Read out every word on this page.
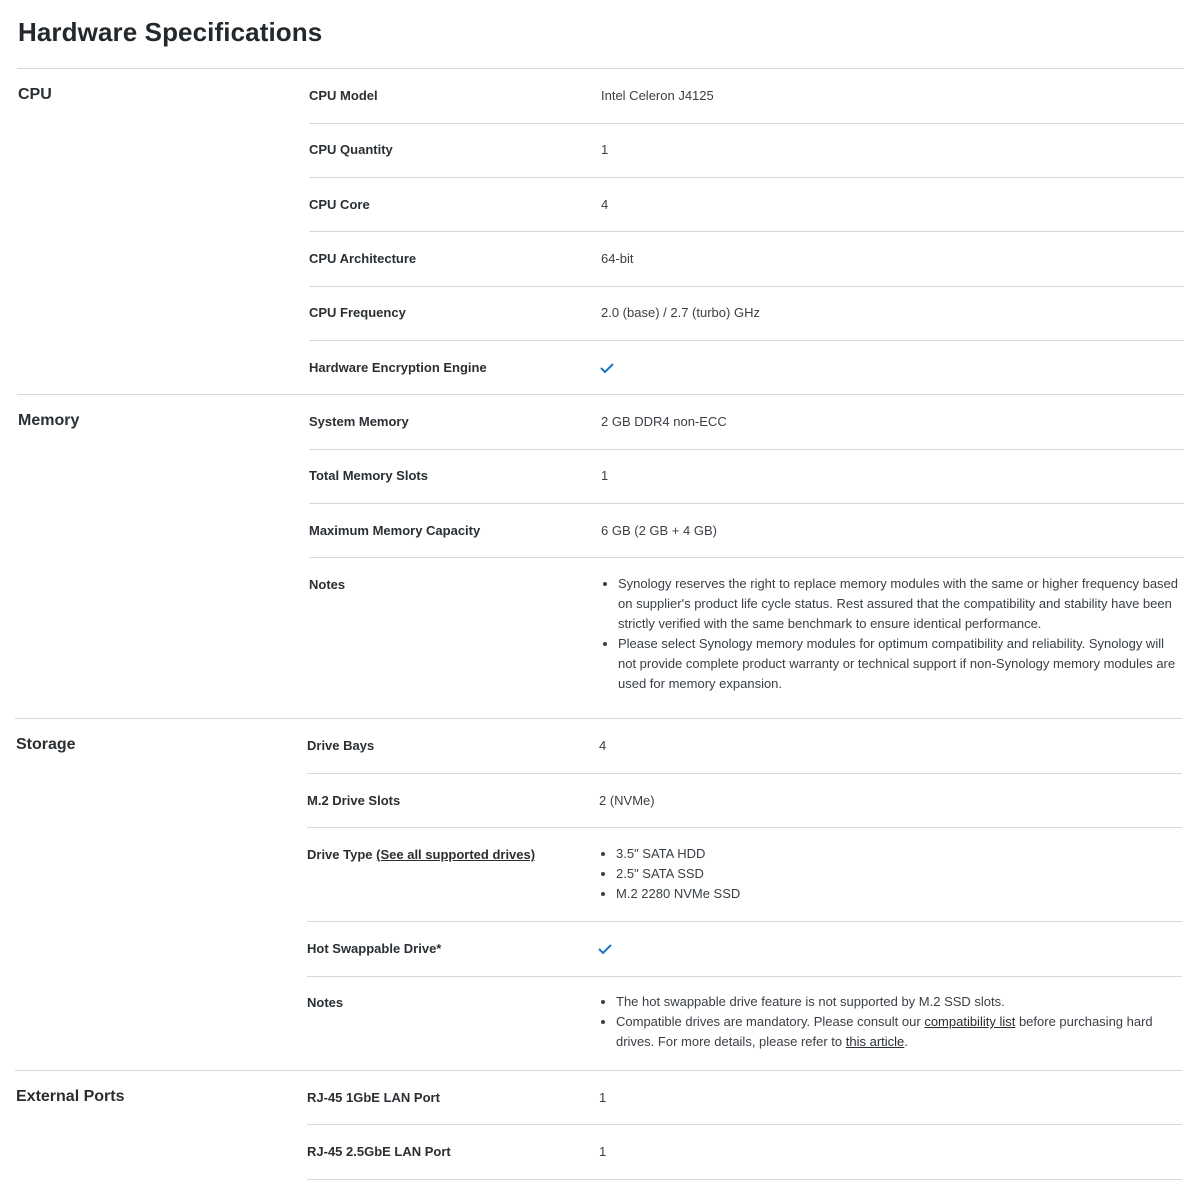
Hardware Specifications
CPU	CPU Model	Intel Celeron J4125
CPU Quantity	1
CPU Core	4
CPU Architecture	64-bit
CPU Frequency	2.0 (base) / 2.7 (turbo) GHz
Hardware Encryption Engine
Memory	System Memory	2 GB DDR4 non-ECC
Total Memory Slots	1
Maximum Memory Capacity	6 GB (2 GB + 4 GB)
Notes	• Synology reserves the right to replace memory modules with the same or higher frequency based on supplier's product life cycle status. Rest assured that the compatibility and stability have been strictly verified with the same benchmark to ensure identical performance.
• Please select Synology memory modules for optimum compatibility and reliability. Synology will not provide complete product warranty or technical support if non-Synology memory modules are used for memory expansion.
Storage	Drive Bays	4
M.2 Drive Slots	2 (NVMe)
Drive Type (See all supported drives)	• 3.5" SATA HDD
• 2.5" SATA SSD
• M.2 2280 NVMe SSD
Hot Swappable Drive*
Notes	• The hot swappable drive feature is not supported by M.2 SSD slots.
• Compatible drives are mandatory. Please consult our compatibility list before purchasing hard drives. For more details, please refer to this article.
External Ports	RJ-45 1GbE LAN Port	1
RJ-45 2.5GbE LAN Port	1
